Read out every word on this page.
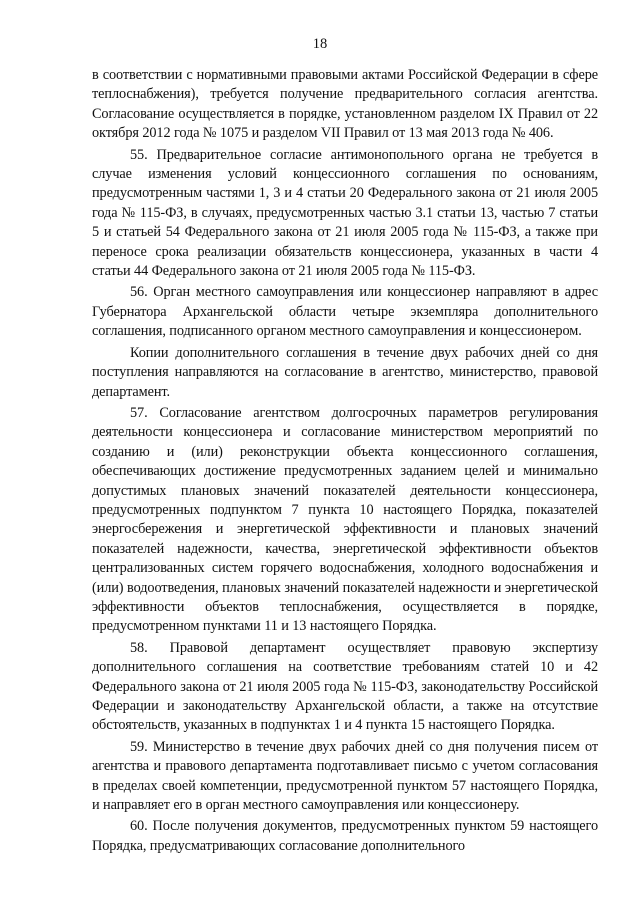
18

в соответствии с нормативными правовыми актами Российской Федерации в сфере теплоснабжения), требуется получение предварительного согласия агентства. Согласование осуществляется в порядке, установленном разделом IX Правил от 22 октября 2012 года № 1075 и разделом VII Правил от 13 мая 2013 года № 406.

55. Предварительное согласие антимонопольного органа не требуется в случае изменения условий концессионного соглашения по основаниям, предусмотренным частями 1, 3 и 4 статьи 20 Федерального закона от 21 июля 2005 года № 115-ФЗ, в случаях, предусмотренных частью 3.1 статьи 13, частью 7 статьи 5 и статьей 54 Федерального закона от 21 июля 2005 года № 115-ФЗ, а также при переносе срока реализации обязательств концессионера, указанных в части 4 статьи 44 Федерального закона от 21 июля 2005 года № 115-ФЗ.

56. Орган местного самоуправления или концессионер направляют в адрес Губернатора Архангельской области четыре экземпляра дополнительного соглашения, подписанного органом местного самоуправления и концессионером.

Копии дополнительного соглашения в течение двух рабочих дней со дня поступления направляются на согласование в агентство, министерство, правовой департамент.

57. Согласование агентством долгосрочных параметров регулирования деятельности концессионера и согласование министерством мероприятий по созданию и (или) реконструкции объекта концессионного соглашения, обеспечивающих достижение предусмотренных заданием целей и минимально допустимых плановых значений показателей деятельности концессионера, предусмотренных подпунктом 7 пункта 10 настоящего Порядка, показателей энергосбережения и энергетической эффективности и плановых значений показателей надежности, качества, энергетической эффективности объектов централизованных систем горячего водоснабжения, холодного водоснабжения и (или) водоотведения, плановых значений показателей надежности и энергетической эффективности объектов теплоснабжения, осуществляется в порядке, предусмотренном пунктами 11 и 13 настоящего Порядка.

58. Правовой департамент осуществляет правовую экспертизу дополнительного соглашения на соответствие требованиям статей 10 и 42 Федерального закона от 21 июля 2005 года № 115-ФЗ, законодательству Российской Федерации и законодательству Архангельской области, а также на отсутствие обстоятельств, указанных в подпунктах 1 и 4 пункта 15 настоящего Порядка.

59. Министерство в течение двух рабочих дней со дня получения писем от агентства и правового департамента подготавливает письмо с учетом согласования в пределах своей компетенции, предусмотренной пунктом 57 настоящего Порядка, и направляет его в орган местного самоуправления или концессионеру.

60. После получения документов, предусмотренных пунктом 59 настоящего Порядка, предусматривающих согласование дополнительного
